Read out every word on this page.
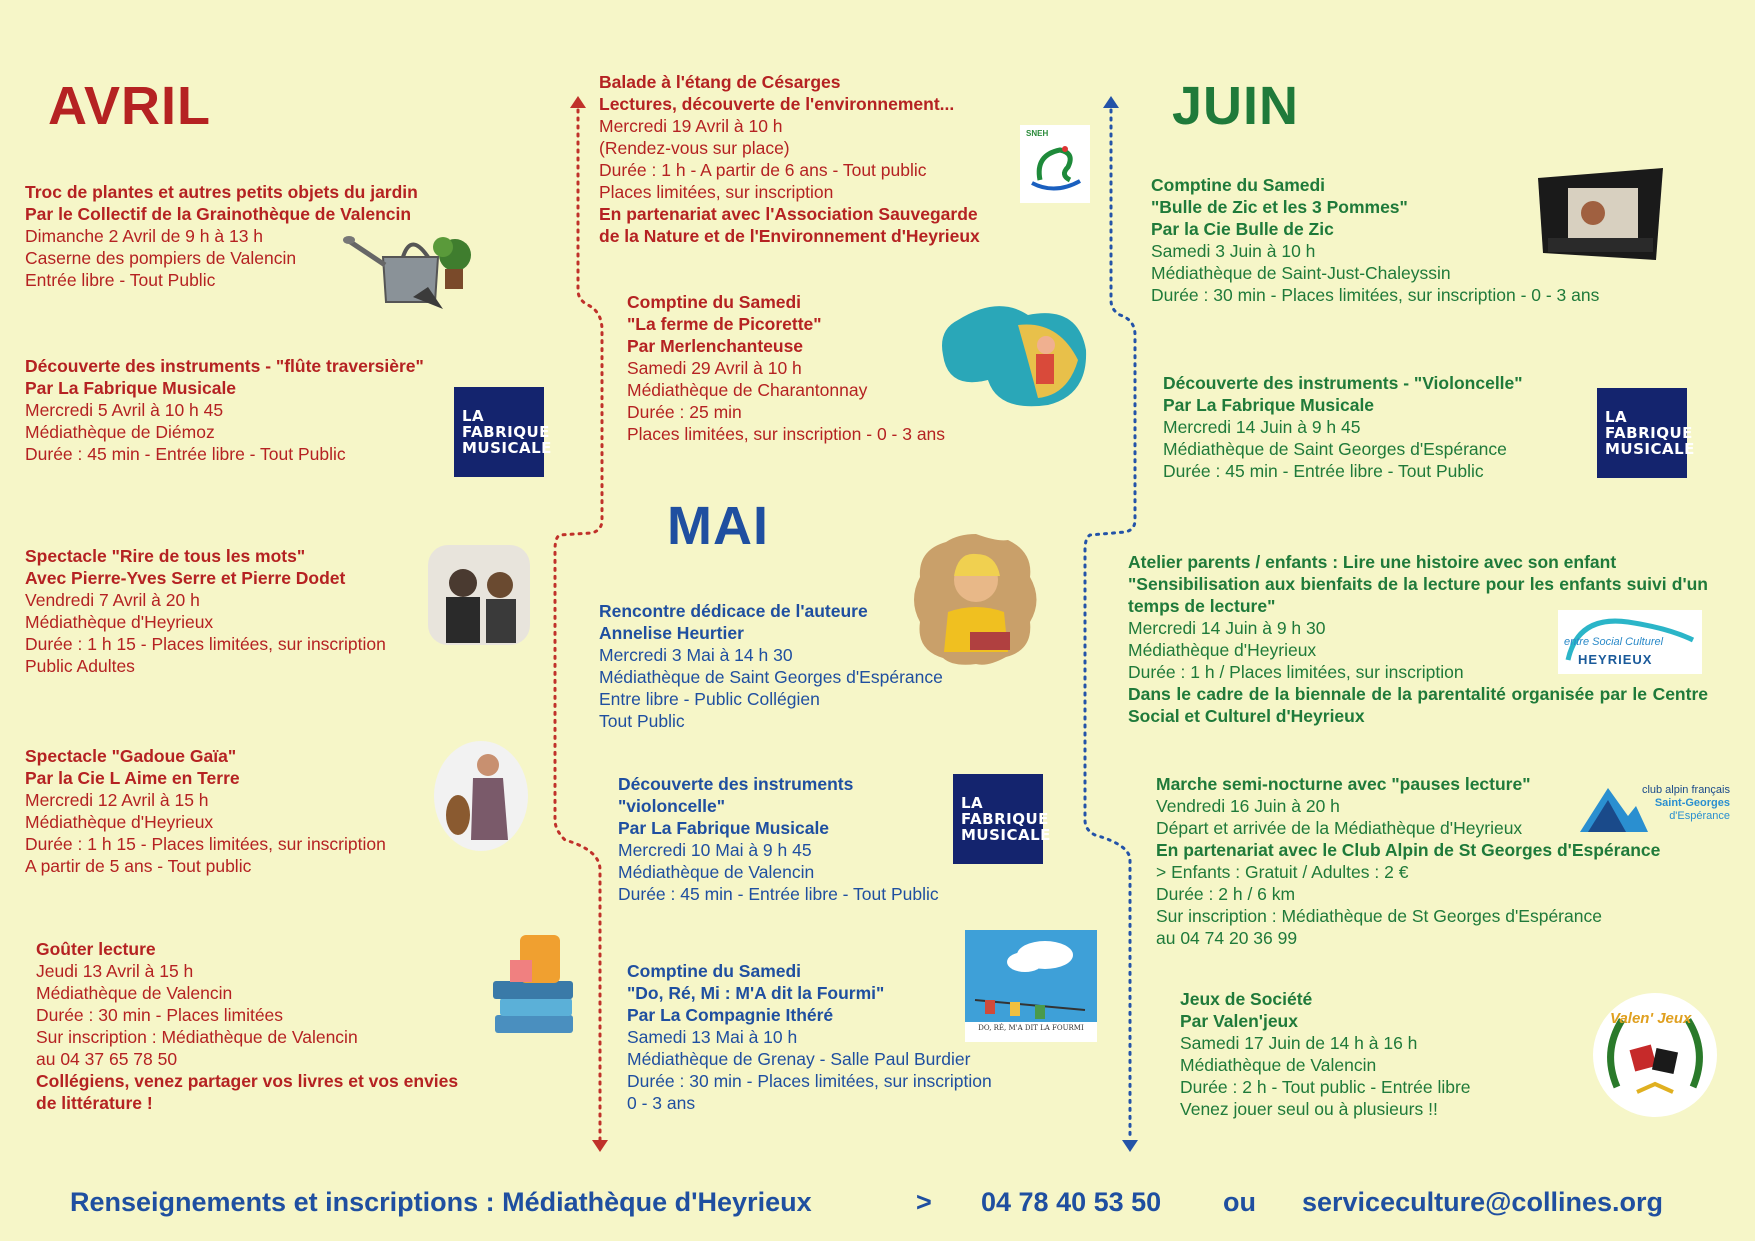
AVRIL
MAI
JUIN
Troc de plantes et autres petits objets du jardin
Par le Collectif de la Grainothèque de Valencin
Dimanche 2 Avril de 9 h à 13 h
Caserne des pompiers de Valencin
Entrée libre - Tout Public
Découverte des instruments - "flûte traversière"
Par La Fabrique Musicale
Mercredi 5 Avril à 10 h 45
Médiathèque de Diémoz
Durée : 45 min - Entrée libre - Tout Public
Spectacle "Rire de tous les mots"
Avec Pierre-Yves Serre et Pierre Dodet
Vendredi 7 Avril à 20 h
Médiathèque d'Heyrieux
Durée : 1 h 15 - Places limitées, sur inscription
Public Adultes
Spectacle "Gadoue Gaïa"
Par la Cie L Aime en Terre
Mercredi 12 Avril à 15 h
Médiathèque d'Heyrieux
Durée : 1 h 15 - Places limitées, sur inscription
A partir de 5 ans - Tout public
Goûter lecture
Jeudi 13 Avril à 15 h
Médiathèque de Valencin
Durée : 30 min - Places limitées
Sur inscription : Médiathèque de Valencin
au 04 37 65 78 50
Collégiens, venez partager vos livres et vos envies
de littérature !
Balade à l'étang de Césarges
Lectures, découverte de l'environnement...
Mercredi 19 Avril à 10 h
(Rendez-vous sur place)
Durée : 1 h - A partir de 6 ans - Tout public
Places limitées, sur inscription
En partenariat avec l'Association Sauvegarde
de la Nature et de l'Environnement d'Heyrieux
Comptine du Samedi
"La ferme de Picorette"
Par Merlenchanteuse
Samedi 29 Avril à 10 h
Médiathèque de Charantonnay
Durée : 25 min
Places limitées, sur inscription - 0 - 3 ans
Rencontre dédicace de l'auteure
Annelise Heurtier
Mercredi 3 Mai à 14 h 30
Médiathèque de Saint Georges d'Espérance
Entre libre - Public Collégien
Tout Public
Découverte des instruments
"violoncelle"
Par La Fabrique Musicale
Mercredi 10 Mai à 9 h 45
Médiathèque de Valencin
Durée : 45 min - Entrée libre - Tout Public
Comptine du Samedi
"Do, Ré, Mi : M'A dit la Fourmi"
Par La Compagnie Ithéré
Samedi 13 Mai à 10 h
Médiathèque de Grenay - Salle Paul Burdier
Durée : 30 min - Places limitées, sur inscription
0 - 3 ans
Comptine du Samedi
"Bulle de Zic et les 3 Pommes"
Par la Cie Bulle de Zic
Samedi 3 Juin à 10 h
Médiathèque de Saint-Just-Chaleyssin
Durée : 30 min - Places limitées, sur inscription - 0 - 3 ans
Découverte des instruments - "Violoncelle"
Par La Fabrique Musicale
Mercredi 14 Juin à 9 h 45
Médiathèque de Saint Georges d'Espérance
Durée : 45 min - Entrée libre - Tout Public
Atelier parents / enfants : Lire une histoire avec son enfant
"Sensibilisation aux bienfaits de la lecture pour les enfants suivi d'un temps de lecture"
Mercredi 14 Juin à 9 h 30
Médiathèque d'Heyrieux
Durée : 1 h / Places limitées, sur inscription
Dans le cadre de la biennale de la parentalité organisée par le Centre Social et Culturel d'Heyrieux
Marche semi-nocturne avec "pauses lecture"
Vendredi 16 Juin à 20 h
Départ et arrivée de la Médiathèque d'Heyrieux
En partenariat avec le Club Alpin de St Georges d'Espérance
> Enfants : Gratuit / Adultes : 2 €
Durée : 2 h / 6 km
Sur inscription : Médiathèque de St Georges d'Espérance
au 04 74 20 36 99
Jeux de Société
Par Valen'jeux
Samedi 17 Juin de 14 h à 16 h
Médiathèque de Valencin
Durée : 2 h - Tout public - Entrée libre
Venez jouer seul ou à plusieurs !!
SNEH
LA
FABRIQUE
MUSICALE
LA
FABRIQUE
MUSICALE
LA
FABRIQUE
MUSICALE
DO, RÉ, M'A DIT LA FOURMI
entre Social Culturel
HEYRIEUX
club alpin français
Saint-Georges
d'Espérance
Valen' Jeux
Renseignements et inscriptions : Médiathèque d'Heyrieux	> 04 78 40 53 50 ou serviceculture@collines.org
